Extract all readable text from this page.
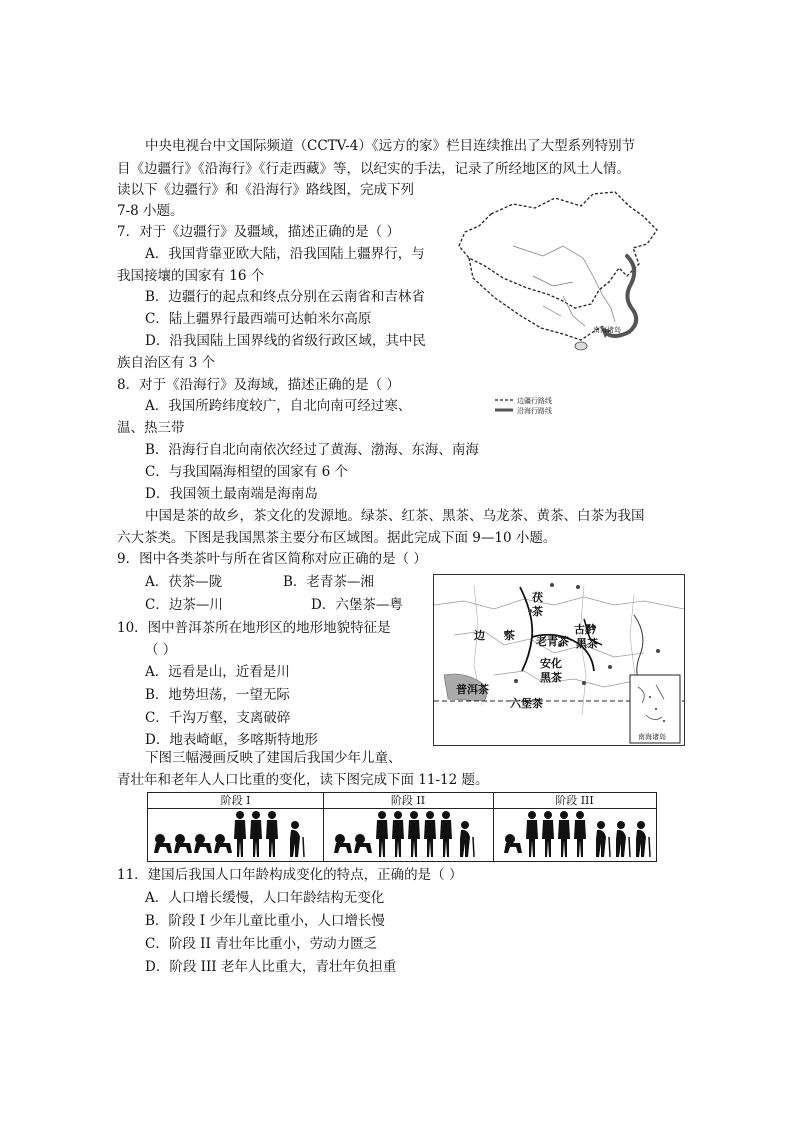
中央电视台中文国际频道（CCTV-4）《远方的家》栏目连续推出了大型系列特别节
目《边疆行》《沿海行》《行走西藏》等，以纪实的手法，记录了所经地区的风土人情。
读以下《边疆行》和《沿海行》路线图，完成下列
7-8 小题。
7．对于《边疆行》及疆域，描述正确的是（ ）
A．我国背靠亚欧大陆，沿我国陆上疆界行，与
我国接壤的国家有 16 个
B．边疆行的起点和终点分别在云南省和吉林省
C．陆上疆界行最西端可达帕米尔高原
D．沿我国陆上国界线的省级行政区域，其中民
族自治区有 3 个
8．对于《沿海行》及海域，描述正确的是（ ）
A．我国所跨纬度较广，自北向南可经过寒、
温、热三带
B．沿海行自北向南依次经过了黄海、渤海、东海、南海
C．与我国隔海相望的国家有 6 个
D．我国领土最南端是海南岛
南海诸岛
边疆行路线
沿海行路线
中国是茶的故乡，茶文化的发源地。绿茶、红茶、黑茶、乌龙茶、黄茶、白茶为我国
六大茶类。下图是我国黑茶主要分布区域图。据此完成下面 9—10 小题。
9．图中各类茶叶与所在省区简称对应正确的是（ ）
A．茯茶—陇	B．老青茶—湘
C．边茶—川	D．六堡茶—粤
10．图中普洱茶所在地形区的地形地貌特征是
（ ）
A．远看是山，近看是川
B．地势坦荡，一望无际
C．千沟万壑，支离破碎
D．地表崎岖，多喀斯特地形
茯
茶
边 茶 老青茶
古黔
黑茶
安化
黑茶
普洱茶
六堡茶
南海诸岛
下图三幅漫画反映了建国后我国少年儿童、
青壮年和老年人人口比重的变化，读下图完成下面 11-12 题。
阶段 I	阶段 II	阶段 III
11．建国后我国人口年龄构成变化的特点，正确的是（ ）
A．人口增长缓慢，人口年龄结构无变化
B．阶段 I 少年儿童比重小，人口增长慢
C．阶段 II 青壮年比重小，劳动力匮乏
D．阶段 III 老年人比重大，青壮年负担重
